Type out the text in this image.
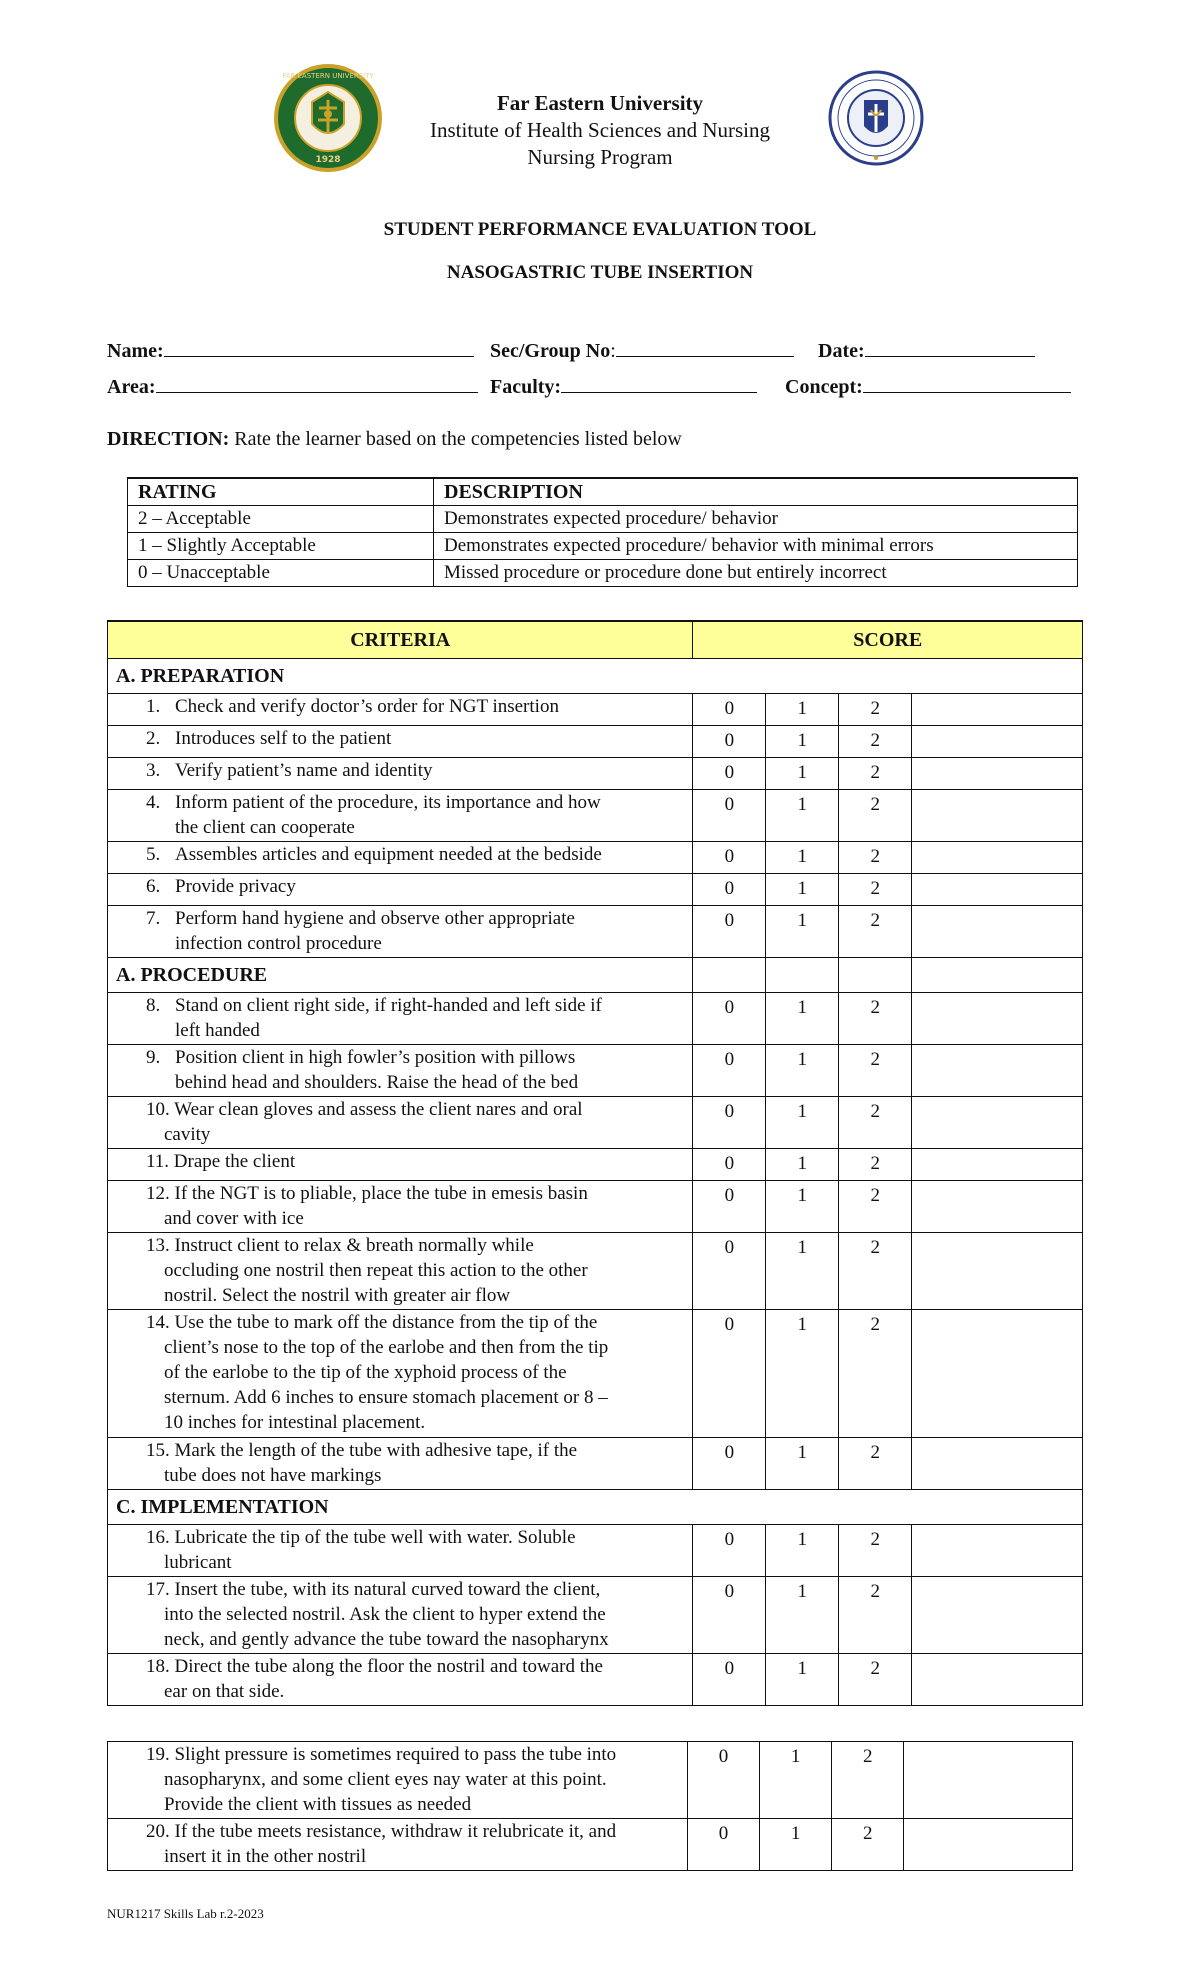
1928
FAR EASTERN UNIVERSITY
Far Eastern University
Institute of Health Sciences and Nursing
Nursing Program
STUDENT PERFORMANCE EVALUATION TOOL
NASOGASTRIC TUBE INSERTION
Name:	Sec/Group No:	Date:
Area:	Faculty:	Concept:
DIRECTION: Rate the learner based on the competencies listed below
RATING	DESCRIPTION
2 – Acceptable	Demonstrates expected procedure/ behavior
1 – Slightly Acceptable	Demonstrates expected procedure/ behavior with minimal errors
0 – Unacceptable	Missed procedure or procedure done but entirely incorrect
CRITERIA	SCORE			
A. PREPARATION				

1. Check and verify doctor’s order for NGT insertion	0	1	2	

2. Introduces self to the patient	0	1	2	

3. Verify patient’s name and identity	0	1	2	

4. Inform patient of the procedure, its importance and how
the client can cooperate	0	1	2	

5. Assembles articles and equipment needed at the bedside	0	1	2	

6. Provide privacy	0	1	2	

7. Perform hand hygiene and observe other appropriate
infection control procedure	0	1	2	
A. PROCEDURE				

8. Stand on client right side, if right-handed and left side if
left handed	0	1	2	

9. Position client in high fowler’s position with pillows
behind head and shoulders. Raise the head of the bed	0	1	2	

10. Wear clean gloves and assess the client nares and oral
cavity	0	1	2	

11. Drape the client	0	1	2	

12. If the NGT is to pliable, place the tube in emesis basin
and cover with ice	0	1	2	

13. Instruct client to relax & breath normally while
occluding one nostril then repeat this action to the other
nostril. Select the nostril with greater air flow	0	1	2	

14. Use the tube to mark off the distance from the tip of the
client’s nose to the top of the earlobe and then from the tip
of the earlobe to the tip of the xyphoid process of the
sternum. Add 6 inches to ensure stomach placement or 8 –
10 inches for intestinal placement.	0	1	2	

15. Mark the length of the tube with adhesive tape, if the
tube does not have markings	0	1	2	
C. IMPLEMENTATION				

16. Lubricate the tip of the tube well with water. Soluble
lubricant	0	1	2	

17. Insert the tube, with its natural curved toward the client,
into the selected nostril. Ask the client to hyper extend the
neck, and gently advance the tube toward the nasopharynx	0	1	2	

18. Direct the tube along the floor the nostril and toward the
ear on that side.	0	1	2	
19. Slight pressure is sometimes required to pass the tube into
nasopharynx, and some client eyes nay water at this point.
Provide the client with tissues as needed	0	1	2	

20. If the tube meets resistance, withdraw it relubricate it, and
insert it in the other nostril	0	1	2	
NUR1217 Skills Lab r.2-2023
